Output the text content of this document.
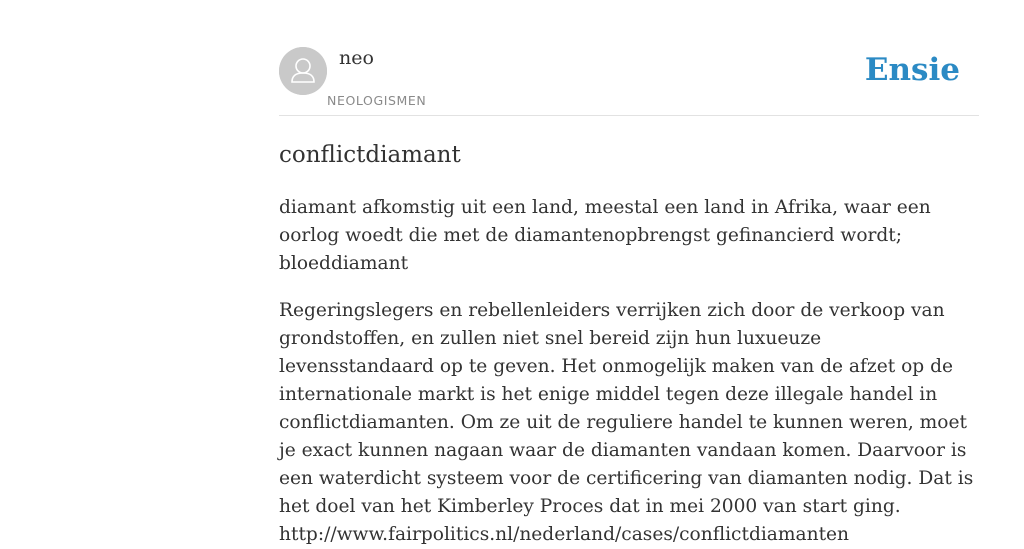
neo
NEOLOGISMEN
Ensie
conflictdiamant

diamant afkomstig uit een land, meestal een land in Afrika, waar een oorlog woedt die met de diamantenopbrengst gefinancierd wordt; bloeddiamant

Regeringslegers en rebellenleiders verrijken zich door de verkoop van grondstoffen, en zullen niet snel bereid zijn hun luxueuze levensstandaard op te geven. Het onmogelijk maken van de afzet op de internationale markt is het enige middel tegen deze illegale handel in conflictdiamanten. Om ze uit de reguliere handel te kunnen weren, moet je exact kunnen nagaan waar de diamanten vandaan komen. Daarvoor is een waterdicht systeem voor de certificering van diamanten nodig. Dat is het doel van het Kimberley Proces dat in mei 2000 van start ging.
http://www.fairpolitics.nl/nederland/cases/conflictdiamanten
